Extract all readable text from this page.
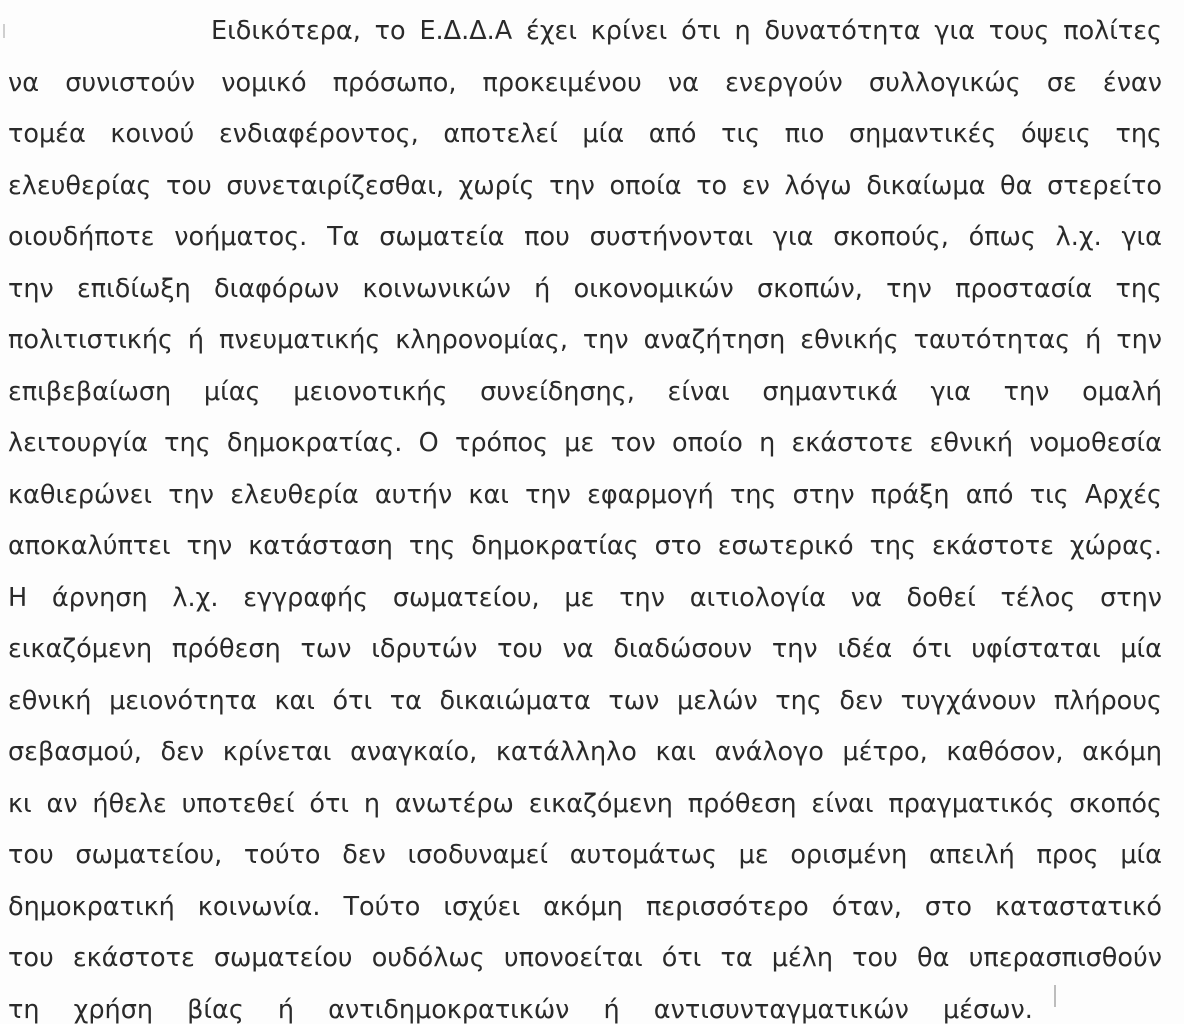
Ειδικότερα, το Ε.Δ.Δ.Α έχει κρίνει ότι η δυνατότητα για τους πολίτες
να συνιστούν νομικό πρόσωπο, προκειμένου να ενεργούν συλλογικώς σε έναν
τομέα κοινού ενδιαφέροντος, αποτελεί μία από τις πιο σημαντικές όψεις της
ελευθερίας του συνεταιρίζεσθαι, χωρίς την οποία το εν λόγω δικαίωμα θα στερείτο
οιουδήποτε νοήματος. Τα σωματεία που συστήνονται για σκοπούς, όπως λ.χ. για
την επιδίωξη διαφόρων κοινωνικών ή οικονομικών σκοπών, την προστασία της
πολιτιστικής ή πνευματικής κληρονομίας, την αναζήτηση εθνικής ταυτότητας ή την
επιβεβαίωση μίας μειονοτικής συνείδησης, είναι σημαντικά για την ομαλή
λειτουργία της δημοκρατίας. Ο τρόπος με τον οποίο η εκάστοτε εθνική νομοθεσία
καθιερώνει την ελευθερία αυτήν και την εφαρμογή της στην πράξη από τις Αρχές
αποκαλύπτει την κατάσταση της δημοκρατίας στο εσωτερικό της εκάστοτε χώρας.
Η άρνηση λ.χ. εγγραφής σωματείου, με την αιτιολογία να δοθεί τέλος στην
εικαζόμενη πρόθεση των ιδρυτών του να διαδώσουν την ιδέα ότι υφίσταται μία
εθνική μειονότητα και ότι τα δικαιώματα των μελών της δεν τυγχάνουν πλήρους
σεβασμού, δεν κρίνεται αναγκαίο, κατάλληλο και ανάλογο μέτρο, καθόσον, ακόμη
κι αν ήθελε υποτεθεί ότι η ανωτέρω εικαζόμενη πρόθεση είναι πραγματικός σκοπός
του σωματείου, τούτο δεν ισοδυναμεί αυτομάτως με ορισμένη απειλή προς μία
δημοκρατική κοινωνία. Τούτο ισχύει ακόμη περισσότερο όταν, στο καταστατικό
του εκάστοτε σωματείου ουδόλως υπονοείται ότι τα μέλη του θα υπερασπισθούν
τη χρήση βίας ή αντιδημοκρατικών ή αντισυνταγματικών μέσων.
